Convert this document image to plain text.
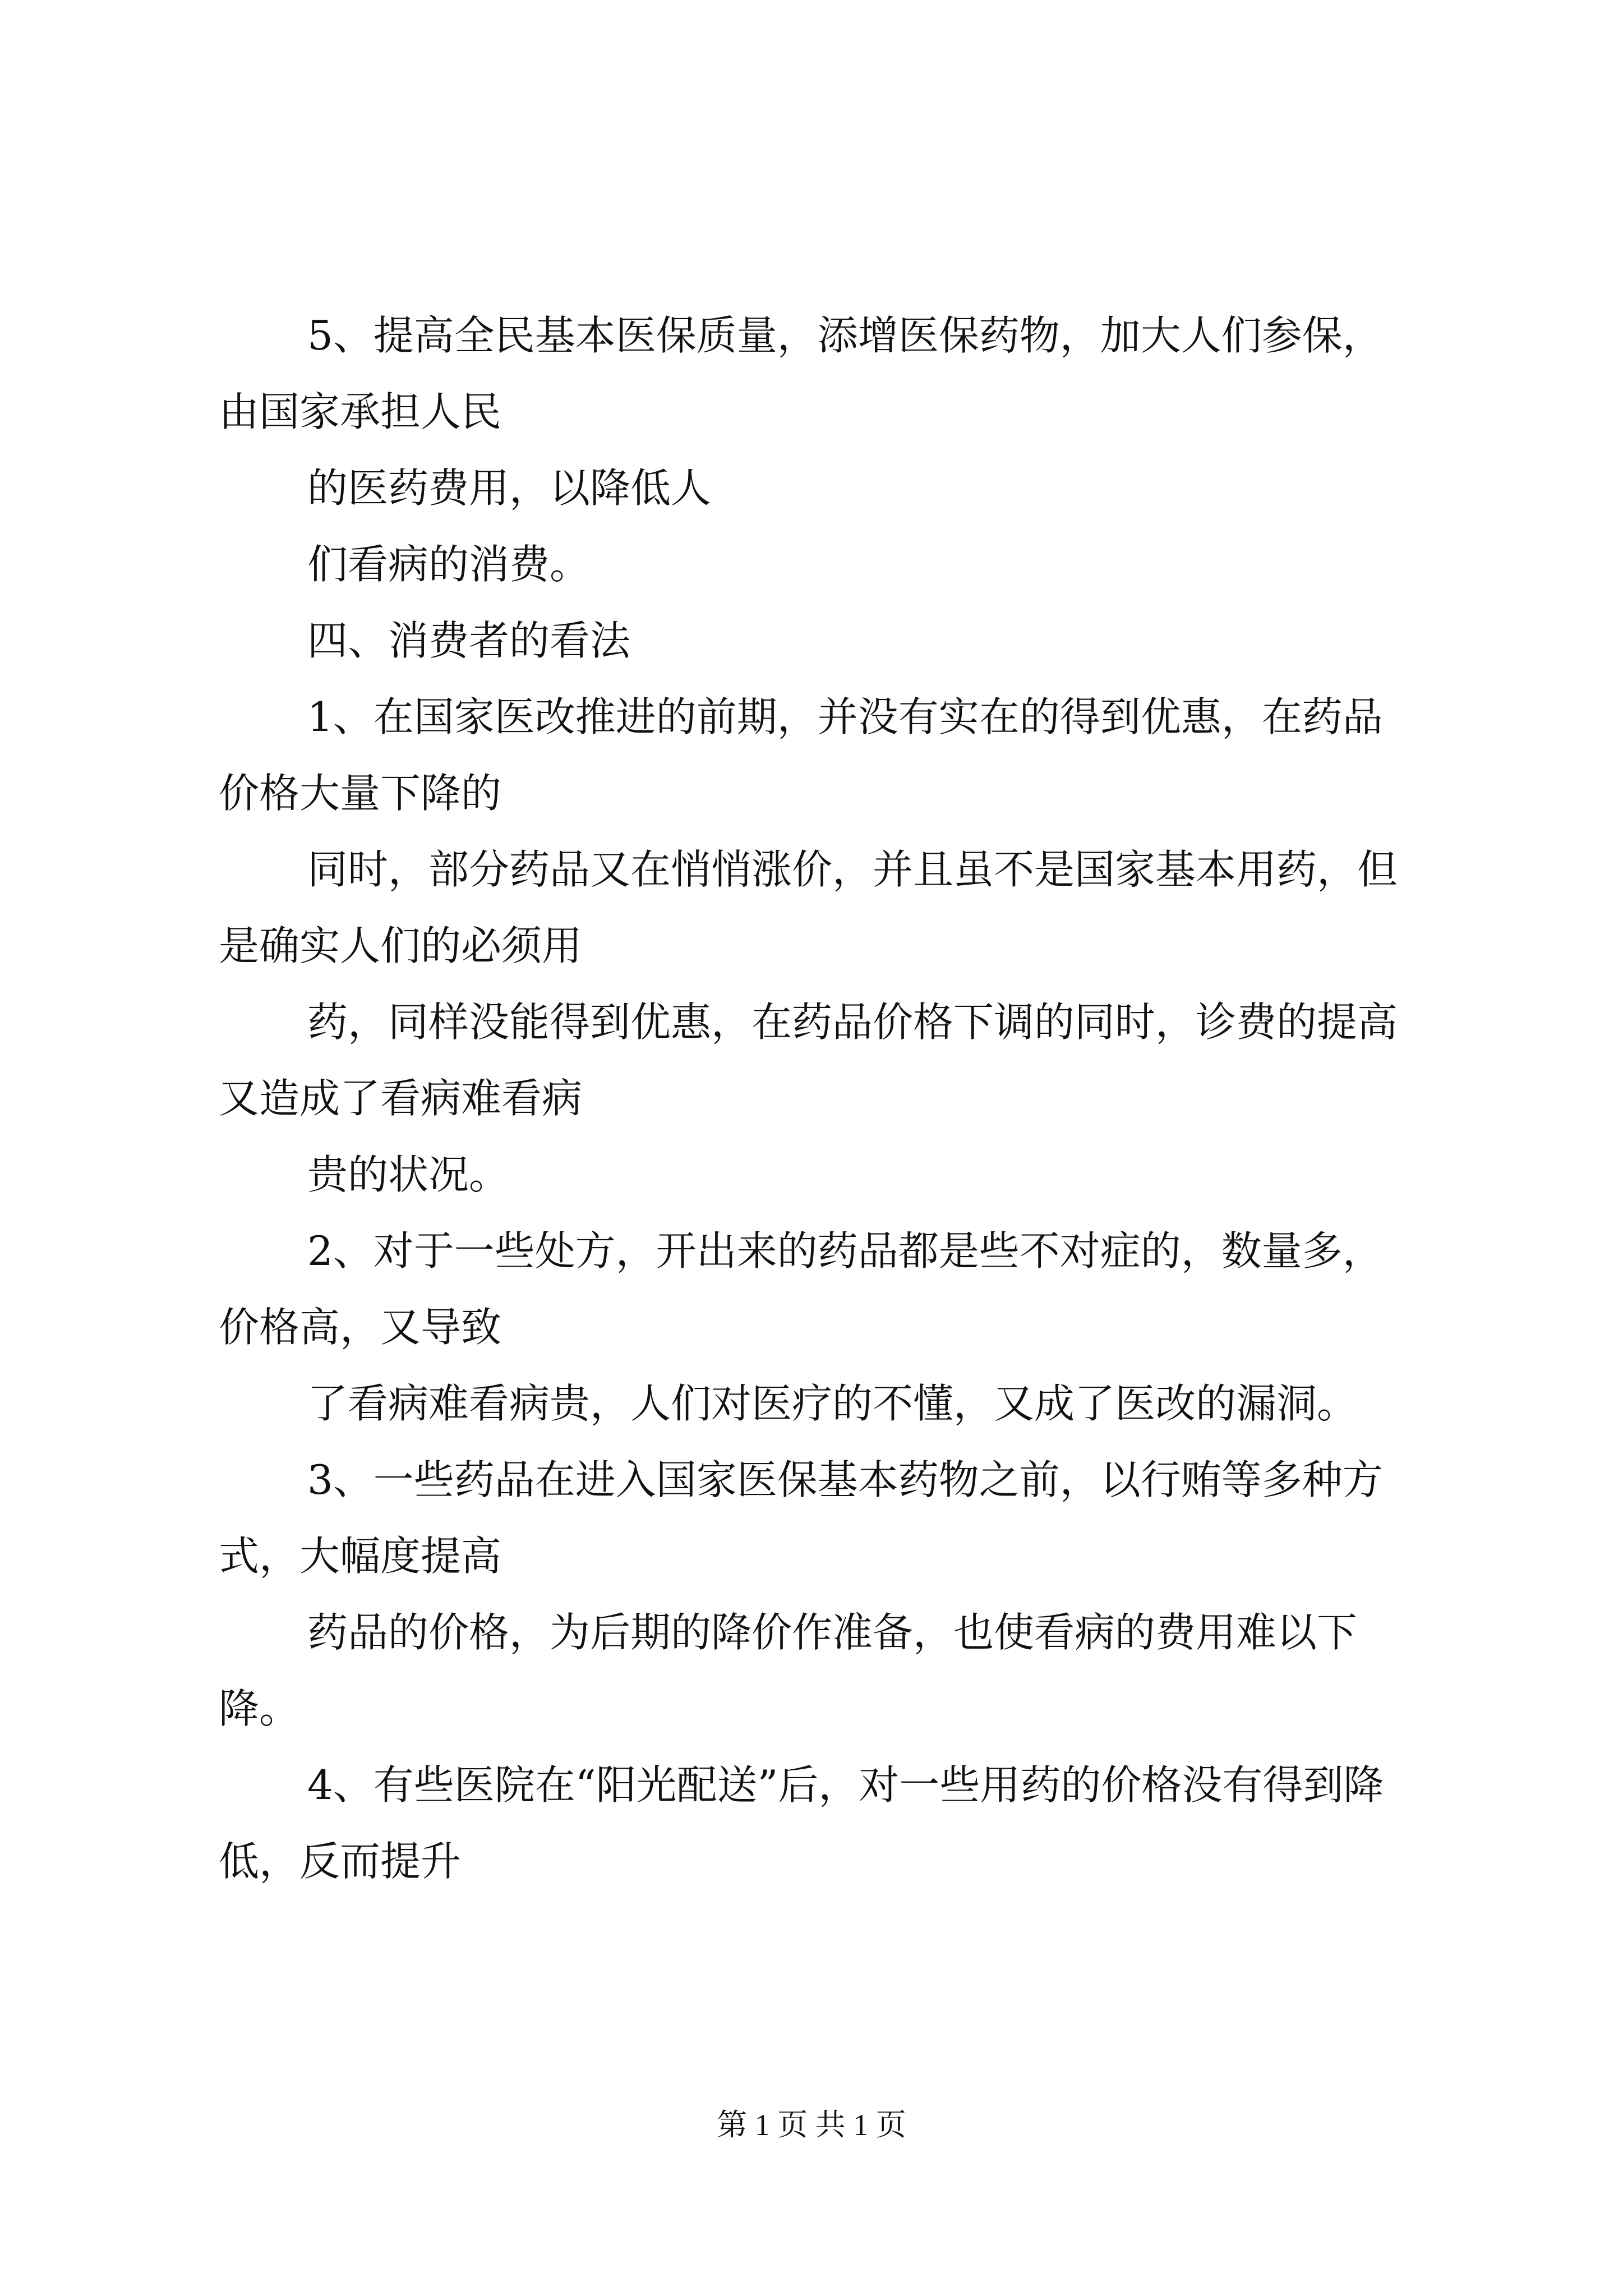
5、提高全民基本医保质量，添增医保药物，加大人们参保，由国家承担人民

的医药费用，以降低人

们看病的消费。

四、消费者的看法

1、在国家医改推进的前期，并没有实在的得到优惠，在药品价格大量下降的

同时，部分药品又在悄悄涨价，并且虽不是国家基本用药，但是确实人们的必须用

药，同样没能得到优惠，在药品价格下调的同时，诊费的提高又造成了看病难看病

贵的状况。

2、对于一些处方，开出来的药品都是些不对症的，数量多，价格高，又导致

了看病难看病贵，人们对医疗的不懂，又成了医改的漏洞。

3、一些药品在进入国家医保基本药物之前，以行贿等多种方式，大幅度提高

药品的价格，为后期的降价作准备，也使看病的费用难以下降。

4、有些医院在“阳光配送”后，对一些用药的价格没有得到降低，反而提升

第 1 页 共 1 页
